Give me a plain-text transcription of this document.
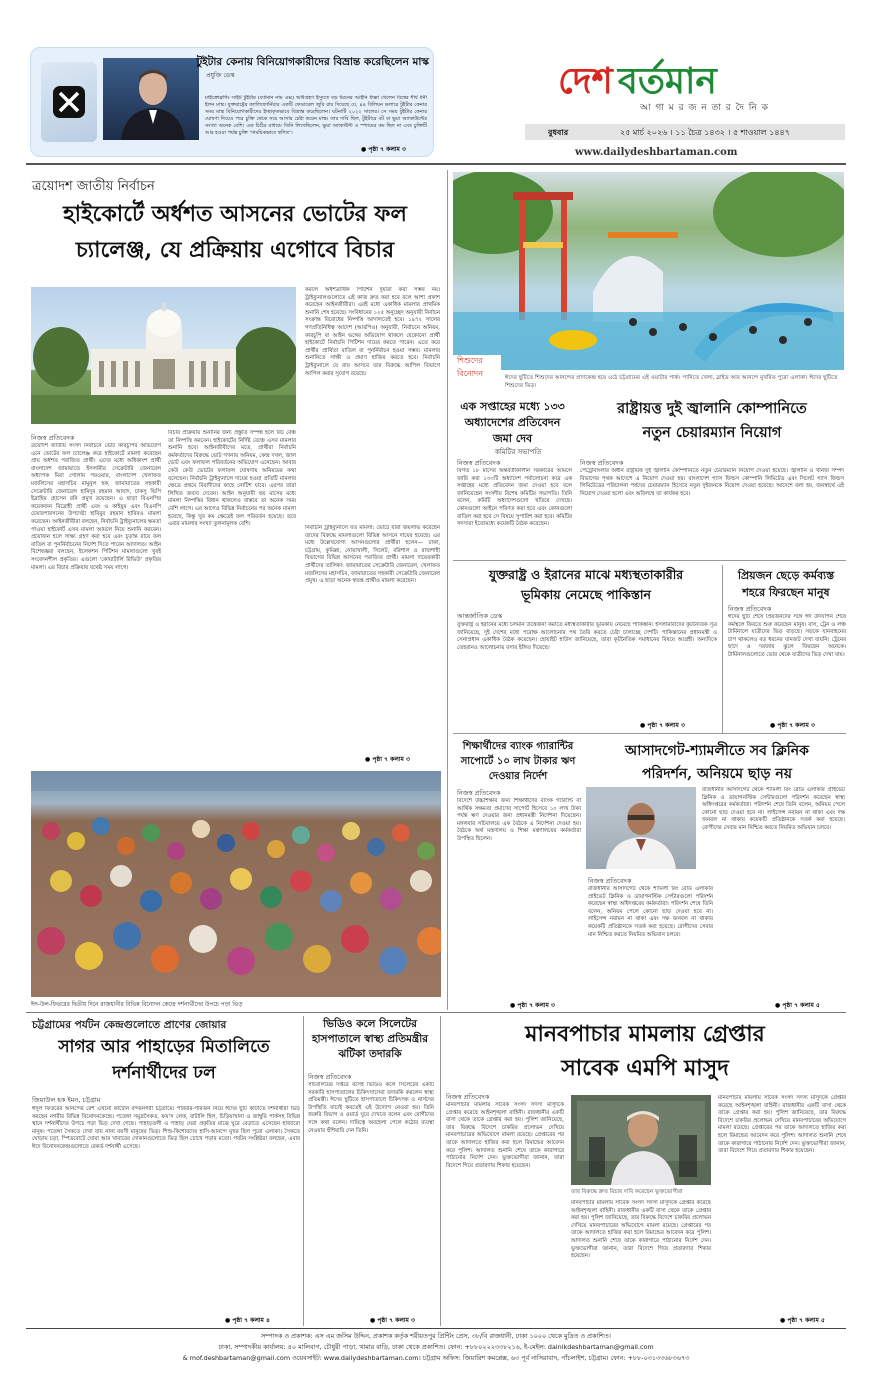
টুইটার কেনায় বিনিয়োগকারীদের বিভ্রান্ত করেছিলেন মাস্ক
প্রযুক্তি ডেস্ক
মাইক্রোব্লগিং সাইট টুইটার (বর্তমান নাম এক্স) অধিগ্রহণ ইস্যুতে বড় ধরনের আইনি ধাক্কা খেলেন বিশ্বের শীর্ষ ধনী ইলন মাস্ক। যুক্তরাষ্ট্রের ক্যালিফোর্নিয়ার একটি ফেডারেল জুরি রায় দিয়েছে যে, ৪৪ বিলিয়ন ডলারে টুইটার কেনার সময় মাস্ক বিনিয়োগকারীদের ইচ্ছাকৃতভাবে বিভ্রান্ত করেছিলেন। ঘটনাটি ২০২২ সালের। সে সময় টুইটার কেনার ঘোষণা দিয়েও পরে চুক্তি থেকে সরে আসার চেষ্টা করেন মাস্ক। তার দাবি ছিল, টুইটারে বট বা ভুয়া অ্যাকাউন্টের সংখ্যা অনেক বেশি। এক চিঠির মাধ্যমে তিনি লিখেছিলেন, ভুয়া অ্যাকাউন্ট ও স্প্যামের কম ছিল না এবং চুক্তিটি আর হওয়া পর্যন্ত চুক্তি 'সাময়িকভাবে স্থগিত'।
● পৃষ্ঠা ৭ কলাম ৩
দেশ বর্তমান
আ গা ম র জ ন তা র দৈ নি ক
বুধবার	২৫ মার্চ ২০২৬ । ১১ চৈত্র ১৪৩২ । ৫ শাওয়াল ১৪৪৭
www.dailydeshbartaman.com
ত্রয়োদশ জাতীয় নির্বাচন
হাইকোর্টে অর্ধশত আসনের ভোটের ফল
চ্যালেঞ্জ, যে প্রক্রিয়ায় এগোবে বিচার
নিজস্ব প্রতিবেদক
ত্রয়োদশ জাতীয় সংসদ নির্বাচনে ভোট কারচুপির অভিযোগ এনে ভোটের ফল চ্যালেঞ্জ করে হাইকোর্টে মামলা করেছেন প্রায় অর্ধশত পরাজিত প্রার্থী। এদের মধ্যে অধিকাংশ প্রার্থী বাংলাদেশ জামায়াতে ইসলামীর সেক্রেটারি জেনারেল অধ্যাপক মিয়া গোলাম পরওয়ার, বাংলাদেশ খেলাফত মজলিসের মহাসচিব মামুনুল হক, জামায়াতের সহকারী সেক্রেটারি জেনারেল হামিদুর রহমান আযাদ, চাকসু ভিপি ইব্রাহিম হোসেন রনি প্রমুখ রয়েছেন। এ ছাড়া বিএনপির কয়েকজন বিদ্রোহী প্রার্থী এবং ও কাইয়ুম এবং বিএনপি চেয়ারপারসনের উপদেষ্টা হাবিবুর রহমান হাবিবও মামলা করেছেন। আইনজীবীরা বলছেন, নির্বাচনি ট্রাইব্যুনালের ক্ষমতা পাওয়া হাইকোর্ট এসব মামলা আমলে নিয়ে শুনানি করবেন। প্রয়োজন হলে সাক্ষ্য গ্রহণ করা হবে এবং চূড়ান্ত রায়ে ফল বাতিল বা পুনর্নির্বাচনের নির্দেশ দিতে পারেন আদালত। আইন বিশেষজ্ঞরা বলছেন, ইলেকশন পিটিশন মামলাগুলো খুবই সংবেদনশীল প্রকৃতির। এগুলো 'কোয়ার্টার্লি রিভিউ' প্রকৃতির মামলা। এর বিচার প্রক্রিয়ায় যথেষ্ট সময় লাগে।
বিচার প্রক্রিয়ায় শুনানির জন্য প্রস্তুতি সম্পন্ন হলে রিট বেঞ্চ তা নিষ্পত্তি করবেন। হাইকোর্টের নির্দিষ্ট বেঞ্চে এসব মামলার শুনানি হবে। আইনজীবীদের মতে, প্রার্থীরা নির্বাচনি কর্মকর্তাদের বিরুদ্ধে ভোট গণনায় অনিয়ম, কেন্দ্র দখল, জাল ভোট এবং ফলাফল পরিবর্তনের অভিযোগ এনেছেন। আবার কেউ কেউ ভোটের ফলাফল ঘোষণায় অনিয়মের কথা বলেছেন। নির্বাচনি ট্রাইব্যুনালে দায়ের হওয়া প্রতিটি মামলার ক্ষেত্রে প্রথমে বিবাদীদের কাছে নোটিশ যাবে। এরপর তারা লিখিত জবাব দেবেন। আইন অনুযায়ী ছয় মাসের মধ্যে মামলা নিষ্পত্তির বিধান থাকলেও বাস্তবে তা অনেক সময় বেশি লাগে। এর আগেও বিভিন্ন নির্বাচনের পর অনেক মামলা হয়েছে, কিন্তু খুব কম ক্ষেত্রেই ফল পরিবর্তন হয়েছে। তবে এবার মামলার সংখ্যা তুলনামূলক বেশি।
করলে অর্ধশত্রাধিক পিটিশন দুয়ারা করা সম্ভব নয়। ট্রাইব্যুনালগুলোতে এই কাজ দ্রুত করা হবে বলে আশা প্রকাশ করেছেন আইনজীবীরা। এরই মধ্যে একাধিক মামলার প্রাথমিক শুনানি শেষ হয়েছে। সংবিধানের ১২৫ অনুচ্ছেদ অনুযায়ী নির্বাচন সংক্রান্ত বিরোধের নিষ্পত্তি আদালতেই হবে। ১৯৭২ সালের গণপ্রতিনিধিত্ব আদেশ (আরপিও) অনুযায়ী, নির্বাচনে অনিয়ম, কারচুপি বা আইন ভঙ্গের অভিযোগ থাকলে যেকোনো প্রার্থী হাইকোর্টে নির্বাচনি পিটিশন দায়ের করতে পারেন। এতে করে প্রার্থীর প্রার্থিতা বাতিল বা পুনর্নির্বাচন হওয়া সম্ভব। মামলার শুনানিতে সাক্ষী ও প্রমাণ হাজির করতে হবে। নির্বাচনি ট্রাইব্যুনালে যে রায় আসবে তার বিরুদ্ধে আপিল বিভাগে আপিল করার সুযোগ রয়েছে।
নির্বাচনি ট্রাইব্যুনালে যত মামলা: ভোটে যারা জয়লাভ করেছেন তাদের বিরুদ্ধে মামলাগুলো বিভিন্ন আসনে দায়ের হয়েছে। এর মধ্যে উল্লেখযোগ্য আসনগুলোর প্রার্থীরা হলেন— ঢাকা, চট্টগ্রাম, কুমিল্লা, নোয়াখালী, সিলেট, বরিশাল ও রাজশাহী বিভাগের বিভিন্ন আসনের পরাজিত প্রার্থী। মামলা দায়েরকারী প্রার্থীদের তালিকা: জামায়াতের সেক্রেটারি জেনারেল, খেলাফত মজলিসের মহাসচিব, জামায়াতের সহকারী সেক্রেটারি জেনারেল প্রমুখ। এ ছাড়া অনেক স্বতন্ত্র প্রার্থীও মামলা করেছেন।
● পৃষ্ঠা ৭ কলাম ৩
ঈদ-উল-ফিতরের দ্বিতীয় দিনে রাজধানীর বিভিন্ন বিনোদন কেন্দ্রে দর্শনার্থীদের উপচে পড়া ভিড়
শিশুদের
বিনোদন	ঈদের ছুটিতে শিশুদের আনন্দের প্রাণকেন্দ্র হয়ে ওঠে চট্টগ্রামের এই ওয়াটার পার্ক। পানিতে খেলা, স্লাইড আর আনন্দে মুখরিত পুরো এলাকা। ঈদের ছুটিতে শিশুদের ভিড়।
এক সপ্তাহের মধ্যে ১৩৩
অধ্যাদেশের প্রতিবেদন
জমা দেব
কমিটির সভাপতি
নিজস্ব প্রতিবেদক
বিগত ১৮ মাসের অন্তর্বর্তীকালীন সরকারের আমলে জারি করা ১৩৩টি অধ্যাদেশ পর্যালোচনা করে এক সপ্তাহের মধ্যে প্রতিবেদন জমা দেওয়া হবে বলে জানিয়েছেন সংসদীয় বিশেষ কমিটির সভাপতি। তিনি বলেন, কমিটি অধ্যাদেশগুলো খতিয়ে দেখছে। কোনগুলো আইনে পরিণত করা হবে এবং কোনগুলো বাতিল করা হবে সে বিষয়ে সুপারিশ করা হবে। কমিটির সদস্যরা ইতোমধ্যে কয়েকটি বৈঠক করেছেন।
রাষ্ট্রায়ত্ত দুই জ্বালানি কোম্পানিতে
নতুন চেয়ারম্যান নিয়োগ
নিজস্ব প্রতিবেদক
পেট্রোবাংলার অধীন রাষ্ট্রায়ত্ত দুই জ্বালানি কোম্পানিতে নতুন চেয়ারম্যান নিয়োগ দেওয়া হয়েছে। জ্বালানি ও খনিজ সম্পদ বিভাগের পৃথক আদেশে এ নিয়োগ দেওয়া হয়। বাংলাদেশ গ্যাস ফিল্ডস কোম্পানি লিমিটেড এবং সিলেট গ্যাস ফিল্ডস লিমিটেডের পরিচালনা পর্ষদের চেয়ারম্যান হিসেবে নতুন দুইজনকে নিয়োগ দেওয়া হয়েছে। আদেশে বলা হয়, জনস্বার্থে এই নিয়োগ দেওয়া হলো এবং অবিলম্বে তা কার্যকর হবে।
যুক্তরাষ্ট্র ও ইরানের মাঝে মধ্যস্থতাকারীর
ভূমিকায় নেমেছে পাকিস্তান
আন্তর্জাতিক ডেস্ক
যুক্তরাষ্ট্র ও ইরানের মধ্যে চলমান উত্তেজনা কমাতে মধ্যস্থতাকারীর ভূমিকায় নেমেছে পাকিস্তান। ইসলামাবাদের কূটনৈতিক সূত্র জানিয়েছে, দুই দেশের মধ্যে পরোক্ষ আলোচনার পথ তৈরি করতে চেষ্টা চালাচ্ছে দেশটি। পাকিস্তানের প্রধানমন্ত্রী ও সেনাপ্রধান একাধিক বৈঠক করেছেন। হোয়াইট হাউস জানিয়েছে, তারা কূটনৈতিক সমাধানের বিষয়ে আগ্রহী। অন্যদিকে তেহরানও আলোচনায় বসার ইঙ্গিত দিয়েছে।
● পৃষ্ঠা ৭ কলাম ৩
প্রিয়জন ছেড়ে কর্মব্যস্ত
শহরে ফিরছেন মানুষ
নিজস্ব প্রতিবেদক
ঈদের ছুটি শেষে প্রিয়জনদের সঙ্গে ঈদ উদযাপন শেষে কর্মস্থলে ফিরতে শুরু করেছেন মানুষ। বাস, ট্রেন ও লঞ্চ টার্মিনালে যাত্রীদের ভিড় বাড়ছে। সড়কে যানবাহনের চাপ থাকলেও বড় ধরনের যানজট দেখা যায়নি। ট্রেনের ছাদে ও দরজায় ঝুলে ফিরছেন অনেকে। টার্মিনালগুলোতে ভোর থেকে যাত্রীদের ভিড় দেখা যায়।
● পৃষ্ঠা ৭ কলাম ৩
শিক্ষার্থীদের ব্যাংক গ্যারান্টির
সাপোর্টে ১০ লাখ টাকার ঋণ
দেওয়ার নির্দেশ
নিজস্ব প্রতিবেদক
বিদেশে উচ্চশিক্ষার জন্য শিক্ষার্থীদের ব্যাংক গ্যারান্টি বা আর্থিক সক্ষমতা প্রমাণের সাপোর্ট হিসেবে ১০ লাখ টাকা পর্যন্ত ঋণ দেওয়ার জন্য প্রধানমন্ত্রী নির্দেশনা দিয়েছেন। মঙ্গলবার সচিবালয়ে এক বৈঠকে এ নির্দেশনা দেওয়া হয়। বৈঠকে অর্থ মন্ত্রণালয় ও শিক্ষা মন্ত্রণালয়ের কর্মকর্তারা উপস্থিত ছিলেন।
● পৃষ্ঠা ৭ কলাম ৩
আসাদগেট-শ্যামলীতে সব ক্লিনিক
পরিদর্শন, অনিয়মে ছাড় নয়
নিজস্ব প্রতিবেদক
রাজধানীর আসাদগেট থেকে শ্যামলী রিং রোড এলাকার প্রাইভেট ক্লিনিক ও ডায়াগনস্টিক সেন্টারগুলো পরিদর্শন করেছেন স্বাস্থ্য অধিদপ্তরের কর্মকর্তারা। পরিদর্শন শেষে তিনি বলেন, অনিয়ম পেলে কোনো ছাড় দেওয়া হবে না। লাইসেন্স নবায়ন না থাকা এবং দক্ষ জনবল না থাকায় কয়েকটি প্রতিষ্ঠানকে সতর্ক করা হয়েছে। রোগীদের সেবার মান নিশ্চিত করতে নিয়মিত অভিযান চলবে।
রাজধানীর আসাদগেট থেকে শ্যামলী রিং রোড এলাকার প্রাইভেট ক্লিনিক ও ডায়াগনস্টিক সেন্টারগুলো পরিদর্শন করেছেন স্বাস্থ্য অধিদপ্তরের কর্মকর্তারা। পরিদর্শন শেষে তিনি বলেন, অনিয়ম পেলে কোনো ছাড় দেওয়া হবে না। লাইসেন্স নবায়ন না থাকা এবং দক্ষ জনবল না থাকায় কয়েকটি প্রতিষ্ঠানকে সতর্ক করা হয়েছে। রোগীদের সেবার মান নিশ্চিত করতে নিয়মিত অভিযান চলবে।
● পৃষ্ঠা ৭ কলাম ৫
চট্টগ্রামের পর্যটন কেন্দ্রগুলোতে প্রাণের জোয়ার
সাগর আর পাহাড়ের মিতালিতে
দর্শনার্থীদের ঢল
জিয়াউল হক ইমন, চট্টগ্রাম
ঈদুল ফিতরের আনন্দের রেশ এখনো কাটেনি বন্দরনগরী চট্টগ্রামে। পরিবার-পরিজন নিয়ে ঈদের ছুটি কাটাতে দর্শনার্থীরা ভিড় করছেন নগরীর বিভিন্ন বিনোদনকেন্দ্রে। পতেঙ্গা সমুদ্রসৈকত, ফয়'স লেক, বাটালি হিল, চিড়িয়াখানা ও জাম্বুরি পার্কসহ বিভিন্ন স্থানে দর্শনার্থীদের উপচে পড়া ভিড় দেখা গেছে। পাহাড়তলী ও পাহাড় ঘেরা প্রকৃতির মাঝে ঘুরে বেড়াতে এসেছেন হাজারো মানুষ। পতেঙ্গা সৈকতে দেখা যায় নানা বয়সী মানুষের ভিড়। শিশু-কিশোরদের হাসি-আনন্দে মুখর ছিল পুরো এলাকা। সৈকতে ঘোড়ায় চড়া, স্পিডবোটে ঘোরা আর খাবারের দোকানগুলোতে ভিড় ছিল চোখে পড়ার মতো। পর্যটন সংশ্লিষ্টরা বলছেন, এবার ঈদে বিনোদনকেন্দ্রগুলোতে রেকর্ড দর্শনার্থী এসেছে।
● পৃষ্ঠা ৭ কলাম ৪
ভিডিও কলে সিলেটের
হাসপাতালে স্বাস্থ্য প্রতিমন্ত্রীর
ঝটিকা তদারকি
নিজস্ব প্রতিবেদক
সচিবালয়ের দপ্তরে বসেই ভিডিও কলে সিলেটের একটি সরকারি হাসপাতালের চিকিৎসাসেবা তদারকি করলেন স্বাস্থ্য প্রতিমন্ত্রী। ঈদের ছুটিতে হাসপাতালে চিকিৎসক ও নার্সদের উপস্থিতি যাচাই করতেই এই উদ্যোগ নেওয়া হয়। তিনি জরুরি বিভাগ ও ওয়ার্ড ঘুরে দেখতে বলেন এবং রোগীদের সঙ্গে কথা বলেন। দায়িত্বে অবহেলা পেলে কঠোর ব্যবস্থা নেওয়ার হুঁশিয়ারি দেন তিনি।
● পৃষ্ঠা ৭ কলাম ৩
মানবপাচার মামলায় গ্রেপ্তার
সাবেক এমপি মাসুদ
নিজস্ব প্রতিবেদক
মানবপাচার মামলায় সাবেক সংসদ সদস্য মাসুদকে গ্রেপ্তার করেছে আইনশৃঙ্খলা বাহিনী। রাজধানীর একটি বাসা থেকে তাকে গ্রেপ্তার করা হয়। পুলিশ জানিয়েছে, তার বিরুদ্ধে বিদেশে চাকরির প্রলোভন দেখিয়ে মানবপাচারের অভিযোগে মামলা রয়েছে। গ্রেপ্তারের পর তাকে আদালতে হাজির করা হলে রিমান্ডের আবেদন করে পুলিশ। আদালত শুনানি শেষে তাকে কারাগারে পাঠানোর নির্দেশ দেন। ভুক্তভোগীরা জানান, তারা বিদেশে গিয়ে প্রতারণার শিকার হয়েছেন।
তার বিরুদ্ধে দ্রুত বিচার দাবি করেছেন ভুক্তভোগীরা
মানবপাচার মামলায় সাবেক সংসদ সদস্য মাসুদকে গ্রেপ্তার করেছে আইনশৃঙ্খলা বাহিনী। রাজধানীর একটি বাসা থেকে তাকে গ্রেপ্তার করা হয়। পুলিশ জানিয়েছে, তার বিরুদ্ধে বিদেশে চাকরির প্রলোভন দেখিয়ে মানবপাচারের অভিযোগে মামলা রয়েছে। গ্রেপ্তারের পর তাকে আদালতে হাজির করা হলে রিমান্ডের আবেদন করে পুলিশ। আদালত শুনানি শেষে তাকে কারাগারে পাঠানোর নির্দেশ দেন। ভুক্তভোগীরা জানান, তারা বিদেশে গিয়ে প্রতারণার শিকার হয়েছেন।
মানবপাচার মামলায় সাবেক সংসদ সদস্য মাসুদকে গ্রেপ্তার করেছে আইনশৃঙ্খলা বাহিনী। রাজধানীর একটি বাসা থেকে তাকে গ্রেপ্তার করা হয়। পুলিশ জানিয়েছে, তার বিরুদ্ধে বিদেশে চাকরির প্রলোভন দেখিয়ে মানবপাচারের অভিযোগে মামলা রয়েছে। গ্রেপ্তারের পর তাকে আদালতে হাজির করা হলে রিমান্ডের আবেদন করে পুলিশ। আদালত শুনানি শেষে তাকে কারাগারে পাঠানোর নির্দেশ দেন। ভুক্তভোগীরা জানান, তারা বিদেশে গিয়ে প্রতারণার শিকার হয়েছেন।
● পৃষ্ঠা ৭ কলাম ৫
সম্পাদক ও প্রকাশক: এস এম জসিম উদ্দিন, প্রকাশক কর্তৃক শরীয়তপুর প্রিন্টিং প্রেস, ৩৮/বি রাজধানী, ঢাকা ১০০০ থেকে মুদ্রিত ও প্রকাশিত।
ঢাকা, সম্পাদকীয় কার্যালয়: ৪০ মালিবাগ, চৌধুরী পাড়া, খামার বাড়ি, ঢাকা থেকে প্রকাশিত। ফোন: +৮৮০২২২৩৩৮২১৬, ই-মেইল: dainikdeshbartaman@gmail.com
& mof.deshbartaman@gmail.com ওয়েবসাইট: www.dailydeshbartaman.com। চট্টগ্রাম অফিস: জিয়ারিশ কমপ্লেক্স, ৬৩ পূর্ব নাসিরাবাদ, পাঁচলাইশ, চট্টগ্রাম। ফোন: +৮৮-০৩১৩৩৬৮৩৬৭৩
